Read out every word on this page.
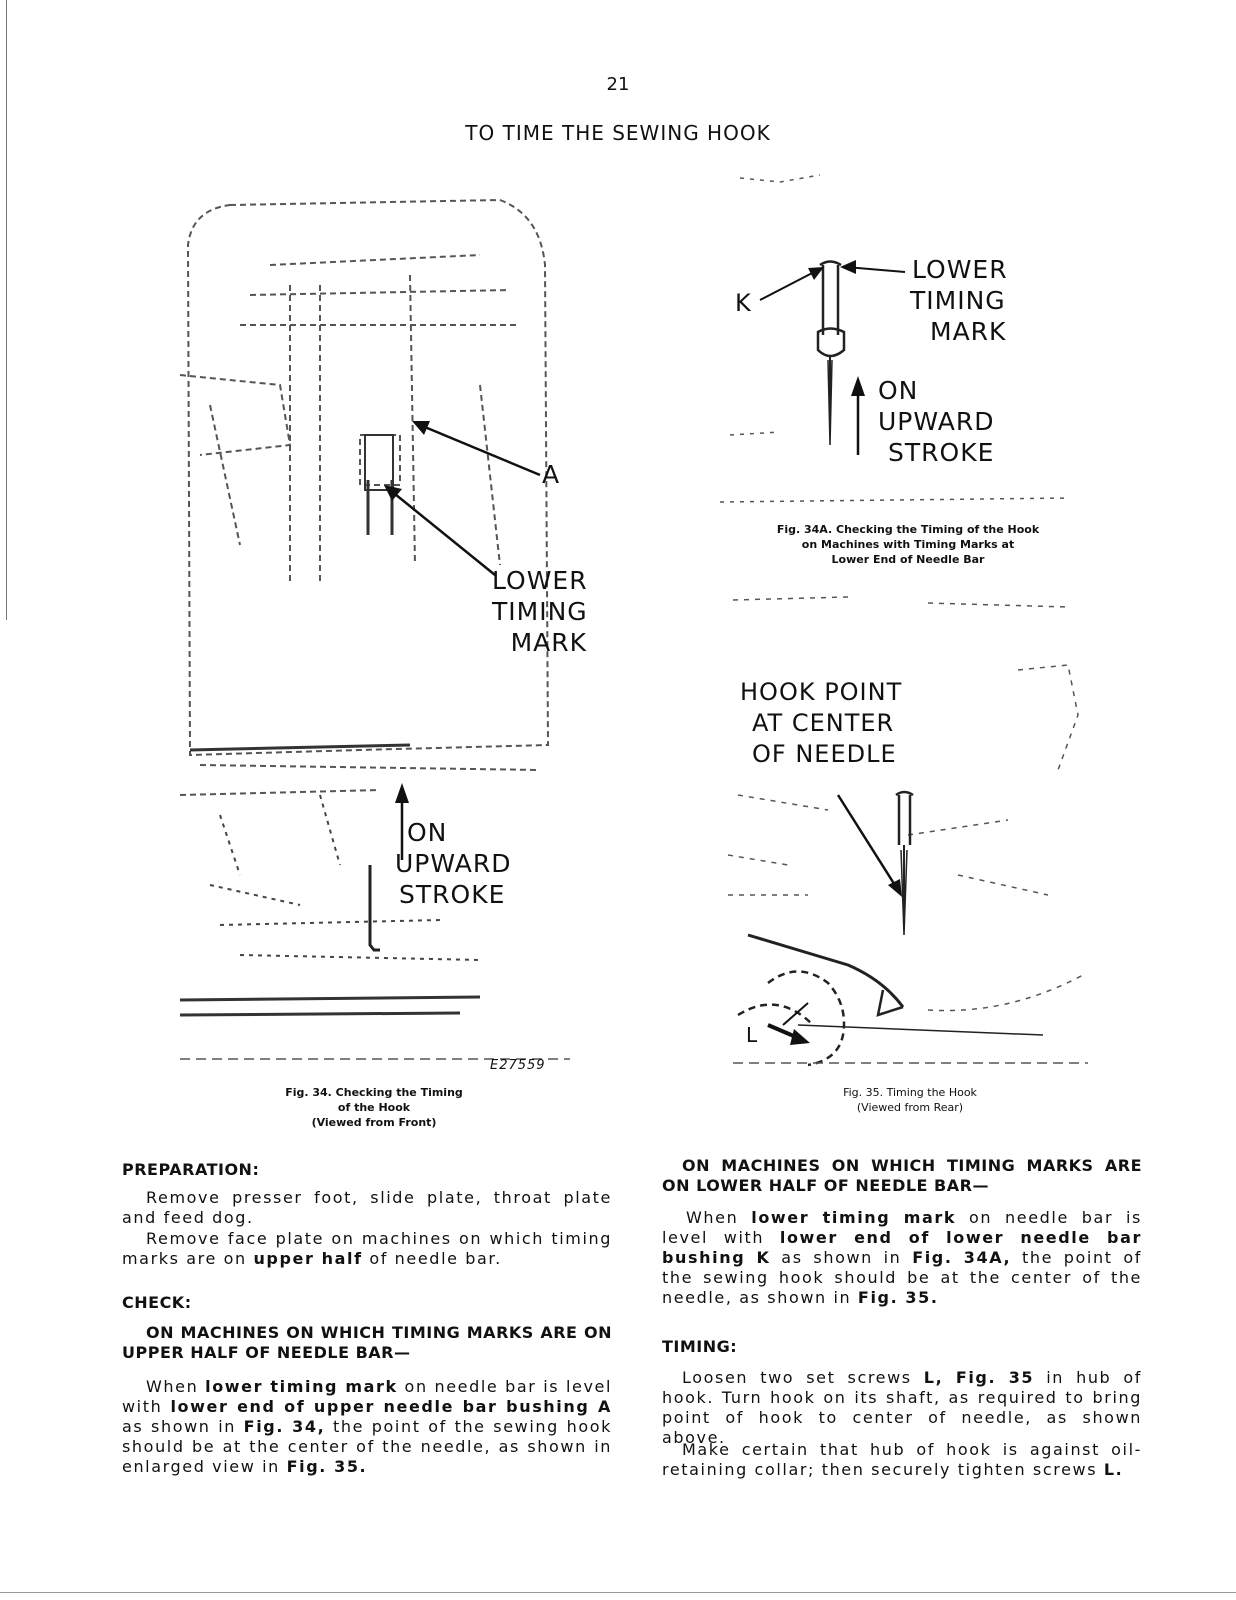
21
TO TIME THE SEWING HOOK
A
LOWER
TIMING
MARK
ON
UPWARD
STROKE
E27559
Fig. 34. Checking the Timing
of the Hook
(Viewed from Front)
K
LOWER
TIMING
MARK
ON
UPWARD
STROKE
Fig. 34A. Checking the Timing of the Hook
on Machines with Timing Marks at
Lower End of Needle Bar
HOOK POINT
AT CENTER
OF NEEDLE
L
Fig. 35. Timing the Hook
(Viewed from Rear)
PREPARATION:
Remove presser foot, slide plate, throat plate and feed dog.
Remove face plate on machines on which timing marks are on upper half of needle bar.
CHECK:
ON MACHINES ON WHICH TIMING MARKS ARE ON UPPER HALF OF NEEDLE BAR—
When lower timing mark on needle bar is level with lower end of upper needle bar bushing A as shown in Fig. 34, the point of the sewing hook should be at the center of the needle, as shown in enlarged view in Fig. 35.
ON MACHINES ON WHICH TIMING MARKS ARE ON LOWER HALF OF NEEDLE BAR—
When lower timing mark on needle bar is level with lower end of lower needle bar bushing K as shown in Fig. 34A, the point of the sewing hook should be at the center of the needle, as shown in Fig. 35.
TIMING:
Loosen two set screws L, Fig. 35 in hub of hook. Turn hook on its shaft, as required to bring point of hook to center of needle, as shown above.
Make certain that hub of hook is against oil-retaining collar; then securely tighten screws L.
